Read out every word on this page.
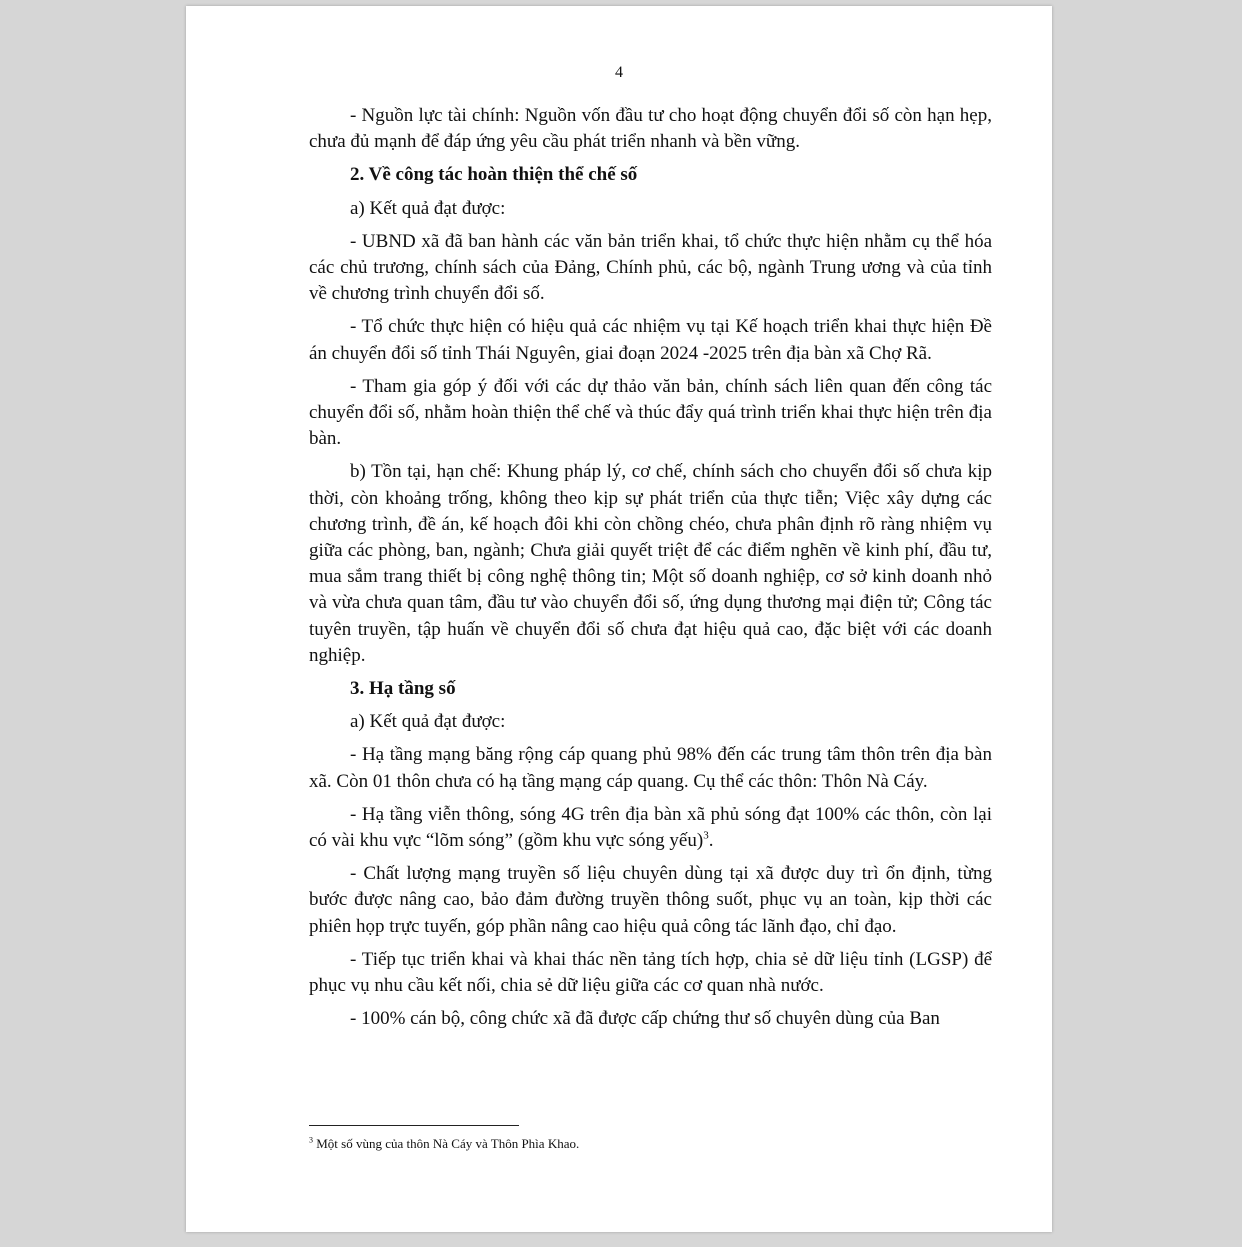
4

- Nguồn lực tài chính: Nguồn vốn đầu tư cho hoạt động chuyển đổi số còn hạn hẹp, chưa đủ mạnh để đáp ứng yêu cầu phát triển nhanh và bền vững.

2. Về công tác hoàn thiện thể chế số

a) Kết quả đạt được:

- UBND xã đã ban hành các văn bản triển khai, tổ chức thực hiện nhằm cụ thể hóa các chủ trương, chính sách của Đảng, Chính phủ, các bộ, ngành Trung ương và của tỉnh về chương trình chuyển đổi số.

- Tổ chức thực hiện có hiệu quả các nhiệm vụ tại Kế hoạch triển khai thực hiện Đề án chuyển đổi số tỉnh Thái Nguyên, giai đoạn 2024 -2025 trên địa bàn xã Chợ Rã.

- Tham gia góp ý đối với các dự thảo văn bản, chính sách liên quan đến công tác chuyển đổi số, nhằm hoàn thiện thể chế và thúc đẩy quá trình triển khai thực hiện trên địa bàn.

b) Tồn tại, hạn chế: Khung pháp lý, cơ chế, chính sách cho chuyển đổi số chưa kịp thời, còn khoảng trống, không theo kịp sự phát triển của thực tiễn; Việc xây dựng các chương trình, đề án, kế hoạch đôi khi còn chồng chéo, chưa phân định rõ ràng nhiệm vụ giữa các phòng, ban, ngành; Chưa giải quyết triệt để các điểm nghẽn về kinh phí, đầu tư, mua sắm trang thiết bị công nghệ thông tin; Một số doanh nghiệp, cơ sở kinh doanh nhỏ và vừa chưa quan tâm, đầu tư vào chuyển đổi số, ứng dụng thương mại điện tử; Công tác tuyên truyền, tập huấn về chuyển đổi số chưa đạt hiệu quả cao, đặc biệt với các doanh nghiệp.

3. Hạ tầng số

a) Kết quả đạt được:

- Hạ tầng mạng băng rộng cáp quang phủ 98% đến các trung tâm thôn trên địa bàn xã. Còn 01 thôn chưa có hạ tầng mạng cáp quang. Cụ thể các thôn: Thôn Nà Cáy.

- Hạ tầng viễn thông, sóng 4G trên địa bàn xã phủ sóng đạt 100% các thôn, còn lại có vài khu vực “lõm sóng” (gồm khu vực sóng yếu)$^3$.

- Chất lượng mạng truyền số liệu chuyên dùng tại xã được duy trì ổn định, từng bước được nâng cao, bảo đảm đường truyền thông suốt, phục vụ an toàn, kịp thời các phiên họp trực tuyến, góp phần nâng cao hiệu quả công tác lãnh đạo, chỉ đạo.

- Tiếp tục triển khai và khai thác nền tảng tích hợp, chia sẻ dữ liệu tỉnh (LGSP) để phục vụ nhu cầu kết nối, chia sẻ dữ liệu giữa các cơ quan nhà nước.

- 100% cán bộ, công chức xã đã được cấp chứng thư số chuyên dùng của Ban

$^3$ Một số vùng của thôn Nà Cáy và Thôn Phìa Khao.
